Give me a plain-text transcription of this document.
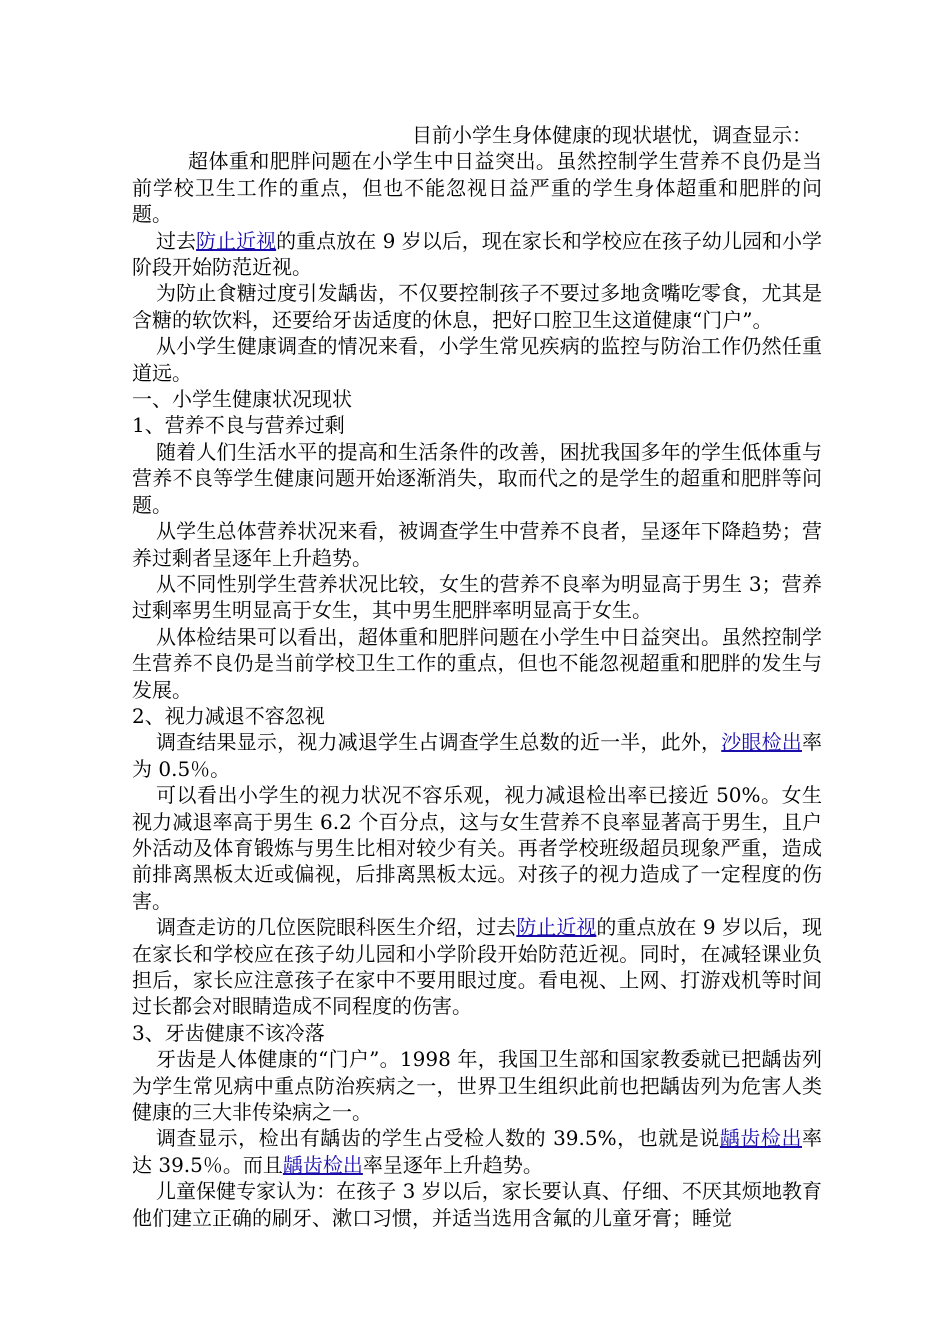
目前小学生身体健康的现状堪忧，调查显示：

超体重和肥胖问题在小学生中日益突出。虽然控制学生营养不良仍是当前学校卫生工作的重点，但也不能忽视日益严重的学生身体超重和肥胖的问题。

过去防止近视的重点放在 9 岁以后，现在家长和学校应在孩子幼儿园和小学阶段开始防范近视。

为防止食糖过度引发龋齿，不仅要控制孩子不要过多地贪嘴吃零食，尤其是含糖的软饮料，还要给牙齿适度的休息，把好口腔卫生这道健康“门户”。

从小学生健康调查的情况来看，小学生常见疾病的监控与防治工作仍然任重道远。

一、小学生健康状况现状

1、营养不良与营养过剩

随着人们生活水平的提高和生活条件的改善，困扰我国多年的学生低体重与营养不良等学生健康问题开始逐渐消失，取而代之的是学生的超重和肥胖等问题。

从学生总体营养状况来看，被调查学生中营养不良者，呈逐年下降趋势；营养过剩者呈逐年上升趋势。

从不同性别学生营养状况比较，女生的营养不良率为明显高于男生 3；营养过剩率男生明显高于女生，其中男生肥胖率明显高于女生。

从体检结果可以看出，超体重和肥胖问题在小学生中日益突出。虽然控制学生营养不良仍是当前学校卫生工作的重点，但也不能忽视超重和肥胖的发生与发展。

2、视力减退不容忽视

调查结果显示，视力减退学生占调查学生总数的近一半，此外，沙眼检出率为 0.5％。

可以看出小学生的视力状况不容乐观，视力减退检出率已接近 50%。女生视力减退率高于男生 6.2 个百分点，这与女生营养不良率显著高于男生，且户外活动及体育锻炼与男生比相对较少有关。再者学校班级超员现象严重，造成前排离黑板太近或偏视，后排离黑板太远。对孩子的视力造成了一定程度的伤害。

调查走访的几位医院眼科医生介绍，过去防止近视的重点放在 9 岁以后，现在家长和学校应在孩子幼儿园和小学阶段开始防范近视。同时，在减轻课业负担后，家长应注意孩子在家中不要用眼过度。看电视、上网、打游戏机等时间过长都会对眼睛造成不同程度的伤害。

3、牙齿健康不该冷落

牙齿是人体健康的“门户”。1998 年，我国卫生部和国家教委就已把龋齿列为学生常见病中重点防治疾病之一，世界卫生组织此前也把龋齿列为危害人类健康的三大非传染病之一。

调查显示，检出有龋齿的学生占受检人数的 39.5%，也就是说龋齿检出率达 39.5％。而且龋齿检出率呈逐年上升趋势。

儿童保健专家认为：在孩子 3 岁以后，家长要认真、仔细、不厌其烦地教育他们建立正确的刷牙、漱口习惯，并适当选用含氟的儿童牙膏；睡觉
